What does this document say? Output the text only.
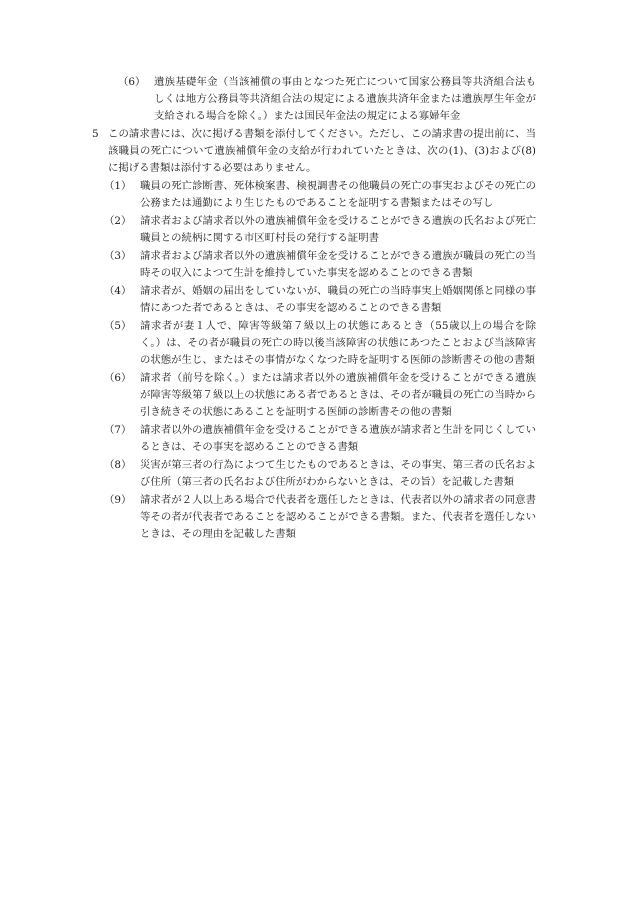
（6） 遺族基礎年金（当該補償の事由となつた死亡について国家公務員等共済組合法もしくは地方公務員等共済組合法の規定による遺族共済年金または遺族厚生年金が支給される場合を除く。）または国民年金法の規定による寡婦年金
5 この請求書には、次に掲げる書類を添付してください。ただし、この請求書の提出前に、当該職員の死亡について遺族補償年金の支給が行われていたときは、次の(1)、(3)および(8)に掲げる書類は添付する必要はありません。
（1） 職員の死亡診断書、死体検案書、検視調書その他職員の死亡の事実およびその死亡の公務または通勤により生じたものであることを証明する書類またはその写し
（2） 請求者および請求者以外の遺族補償年金を受けることができる遺族の氏名および死亡職員との続柄に関する市区町村長の発行する証明書
（3） 請求者および請求者以外の遺族補償年金を受けることができる遺族が職員の死亡の当時その収入によつて生計を維持していた事実を認めることのできる書類
（4） 請求者が、婚姻の届出をしていないが、職員の死亡の当時事実上婚姻関係と同様の事情にあつた者であるときは、その事実を認めることのできる書類
（5） 請求者が妻１人で、障害等級第７級以上の状態にあるとき（55歳以上の場合を除く。）は、その者が職員の死亡の時以後当該障害の状態にあつたことおよび当該障害の状態が生じ、またはその事情がなくなつた時を証明する医師の診断書その他の書類
（6） 請求者（前号を除く。）または請求者以外の遺族補償年金を受けることができる遺族が障害等級第７級以上の状態にある者であるときは、その者が職員の死亡の当時から引き続きその状態にあることを証明する医師の診断書その他の書類
（7） 請求者以外の遺族補償年金を受けることができる遺族が請求者と生計を同じくしているときは、その事実を認めることのできる書類
（8） 災害が第三者の行為によつて生じたものであるときは、その事実、第三者の氏名および住所（第三者の氏名および住所がわからないときは、その旨）を記載した書類
（9） 請求者が２人以上ある場合で代表者を選任したときは、代表者以外の請求者の同意書等その者が代表者であることを認めることができる書類。また、代表者を選任しないときは、その理由を記載した書類
